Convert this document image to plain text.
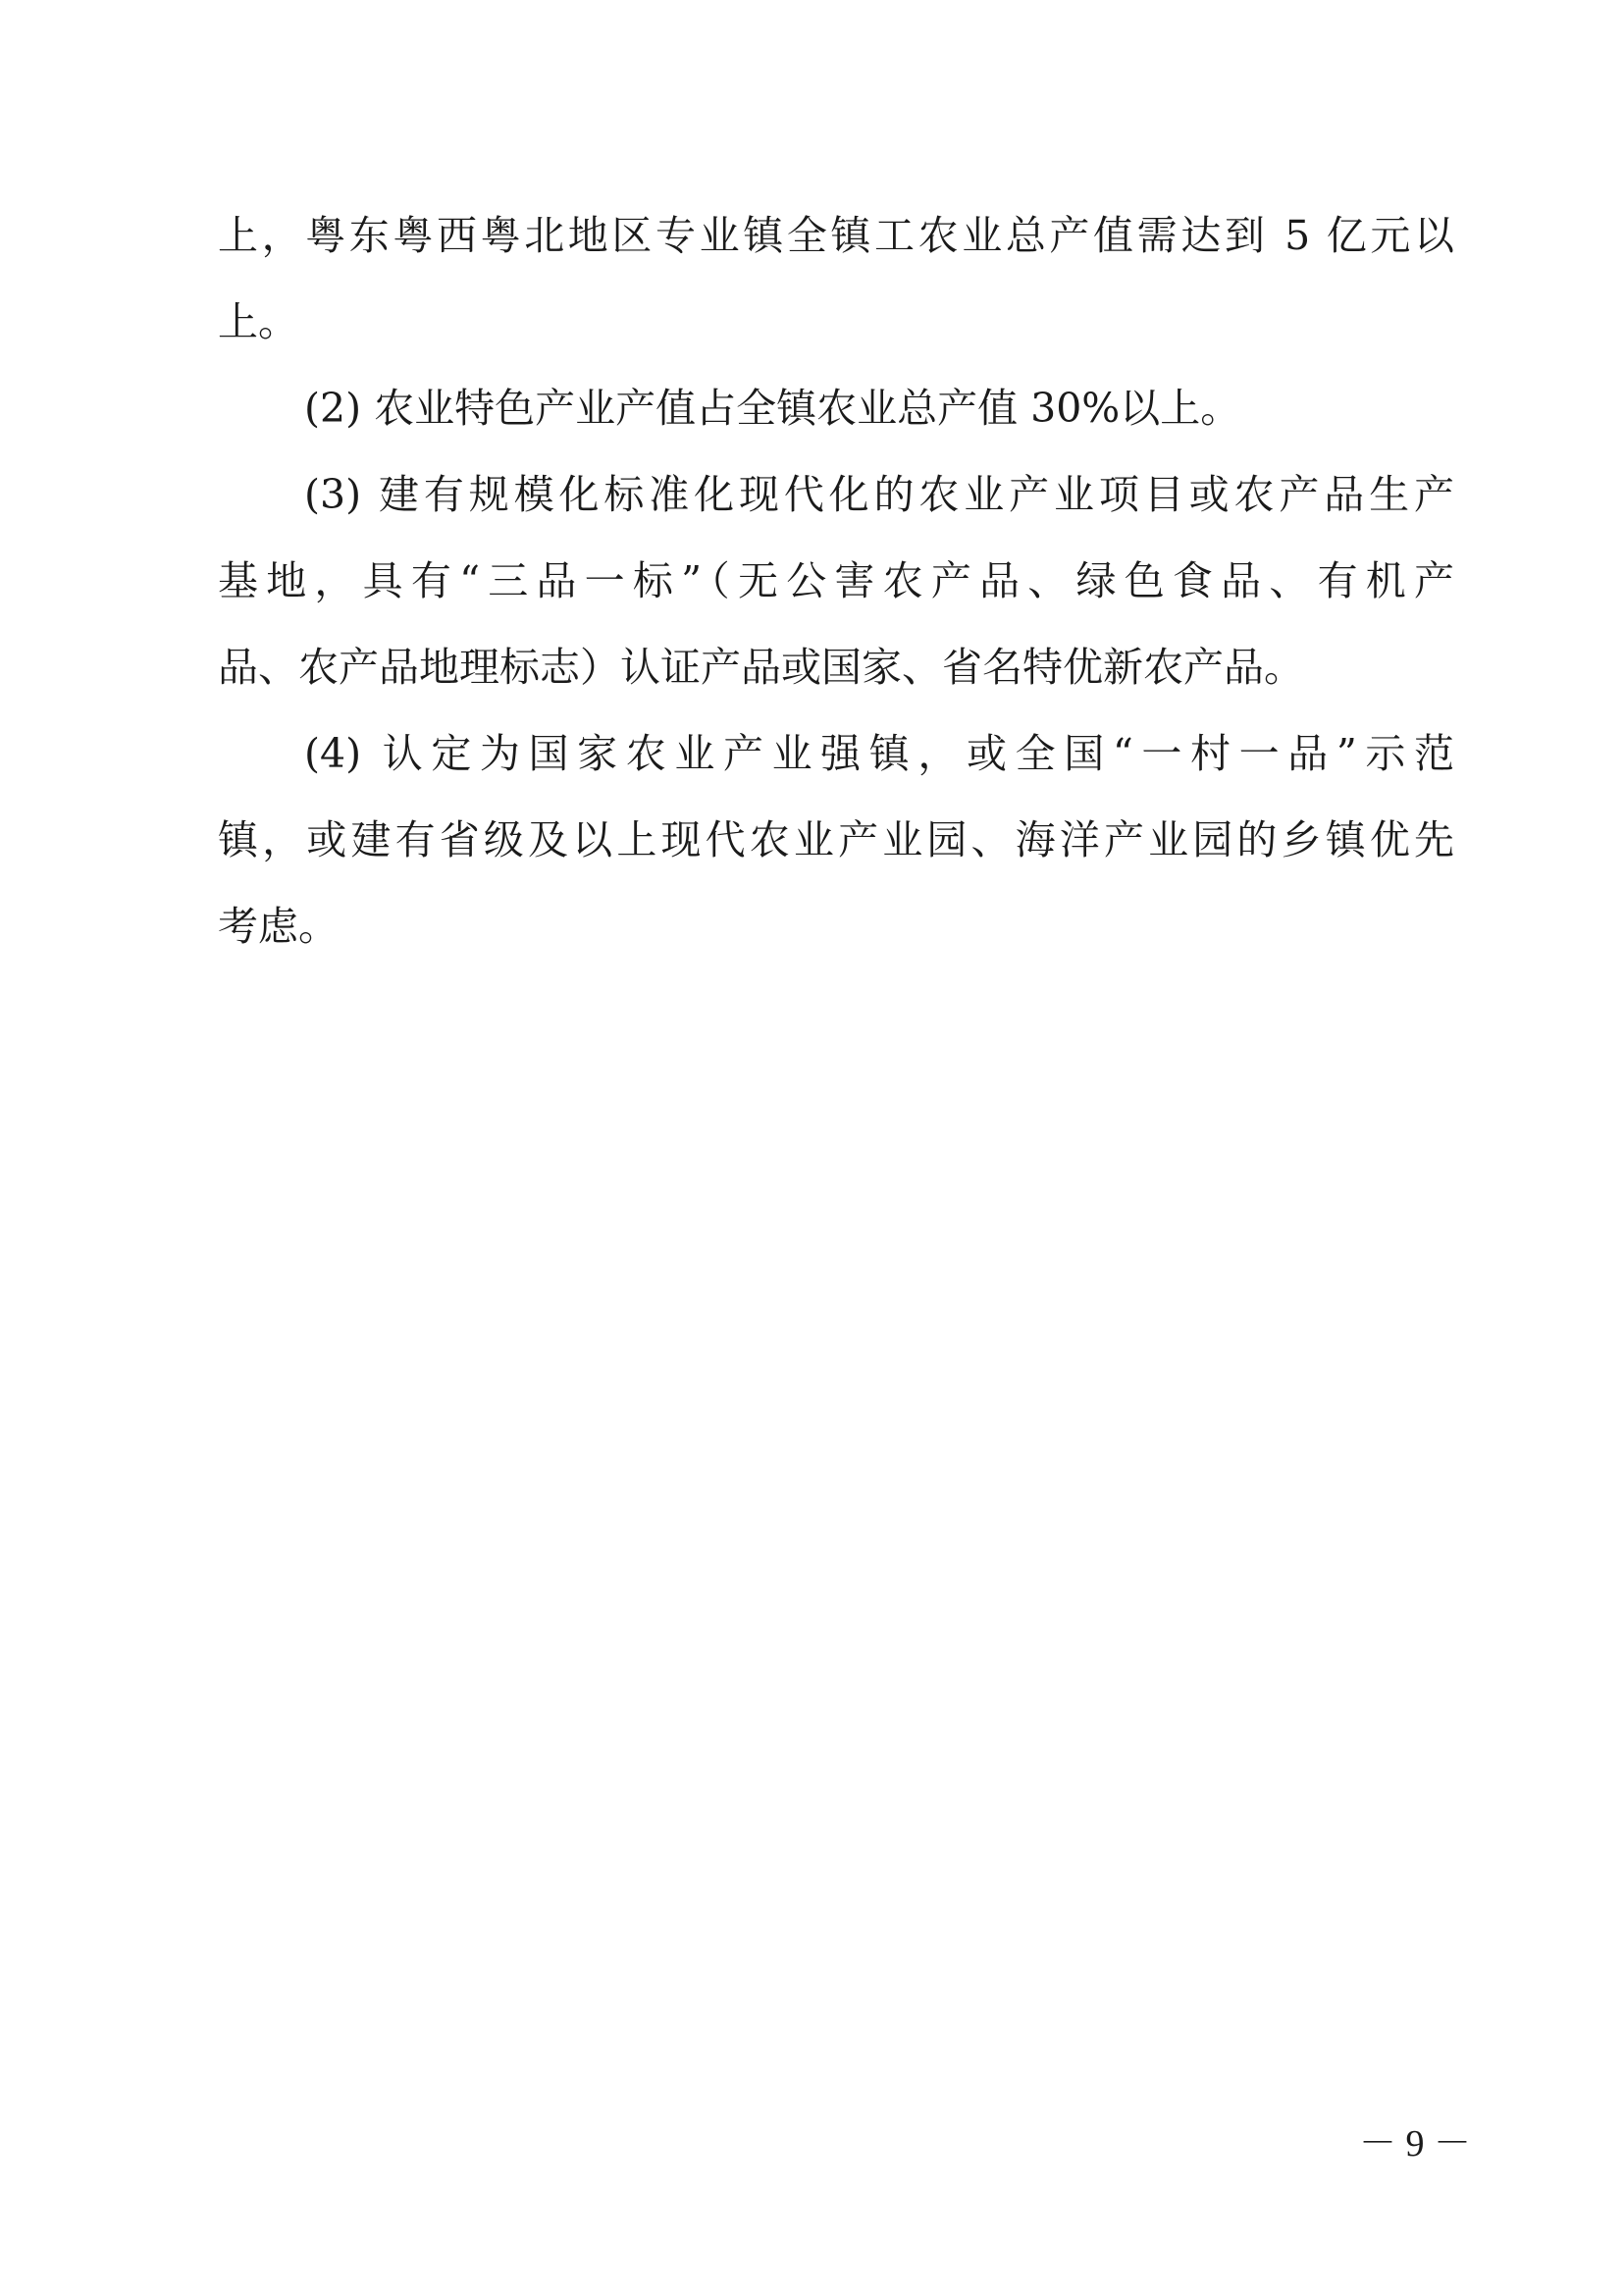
上，粤东粤西粤北地区专业镇全镇工农业总产值需达到 5 亿元以
上。
(2) 农业特色产业产值占全镇农业总产值 30%以上。
(3) 建有规模化标准化现代化的农业产业项目或农产品生产
基地，具有“三品一标”（无公害农产品、绿色食品、有机产
品、农产品地理标志）认证产品或国家、省名特优新农产品。
(4) 认定为国家农业产业强镇，或全国“一村一品”示范
镇，或建有省级及以上现代农业产业园、海洋产业园的乡镇优先
考虑。
－ 9 －
